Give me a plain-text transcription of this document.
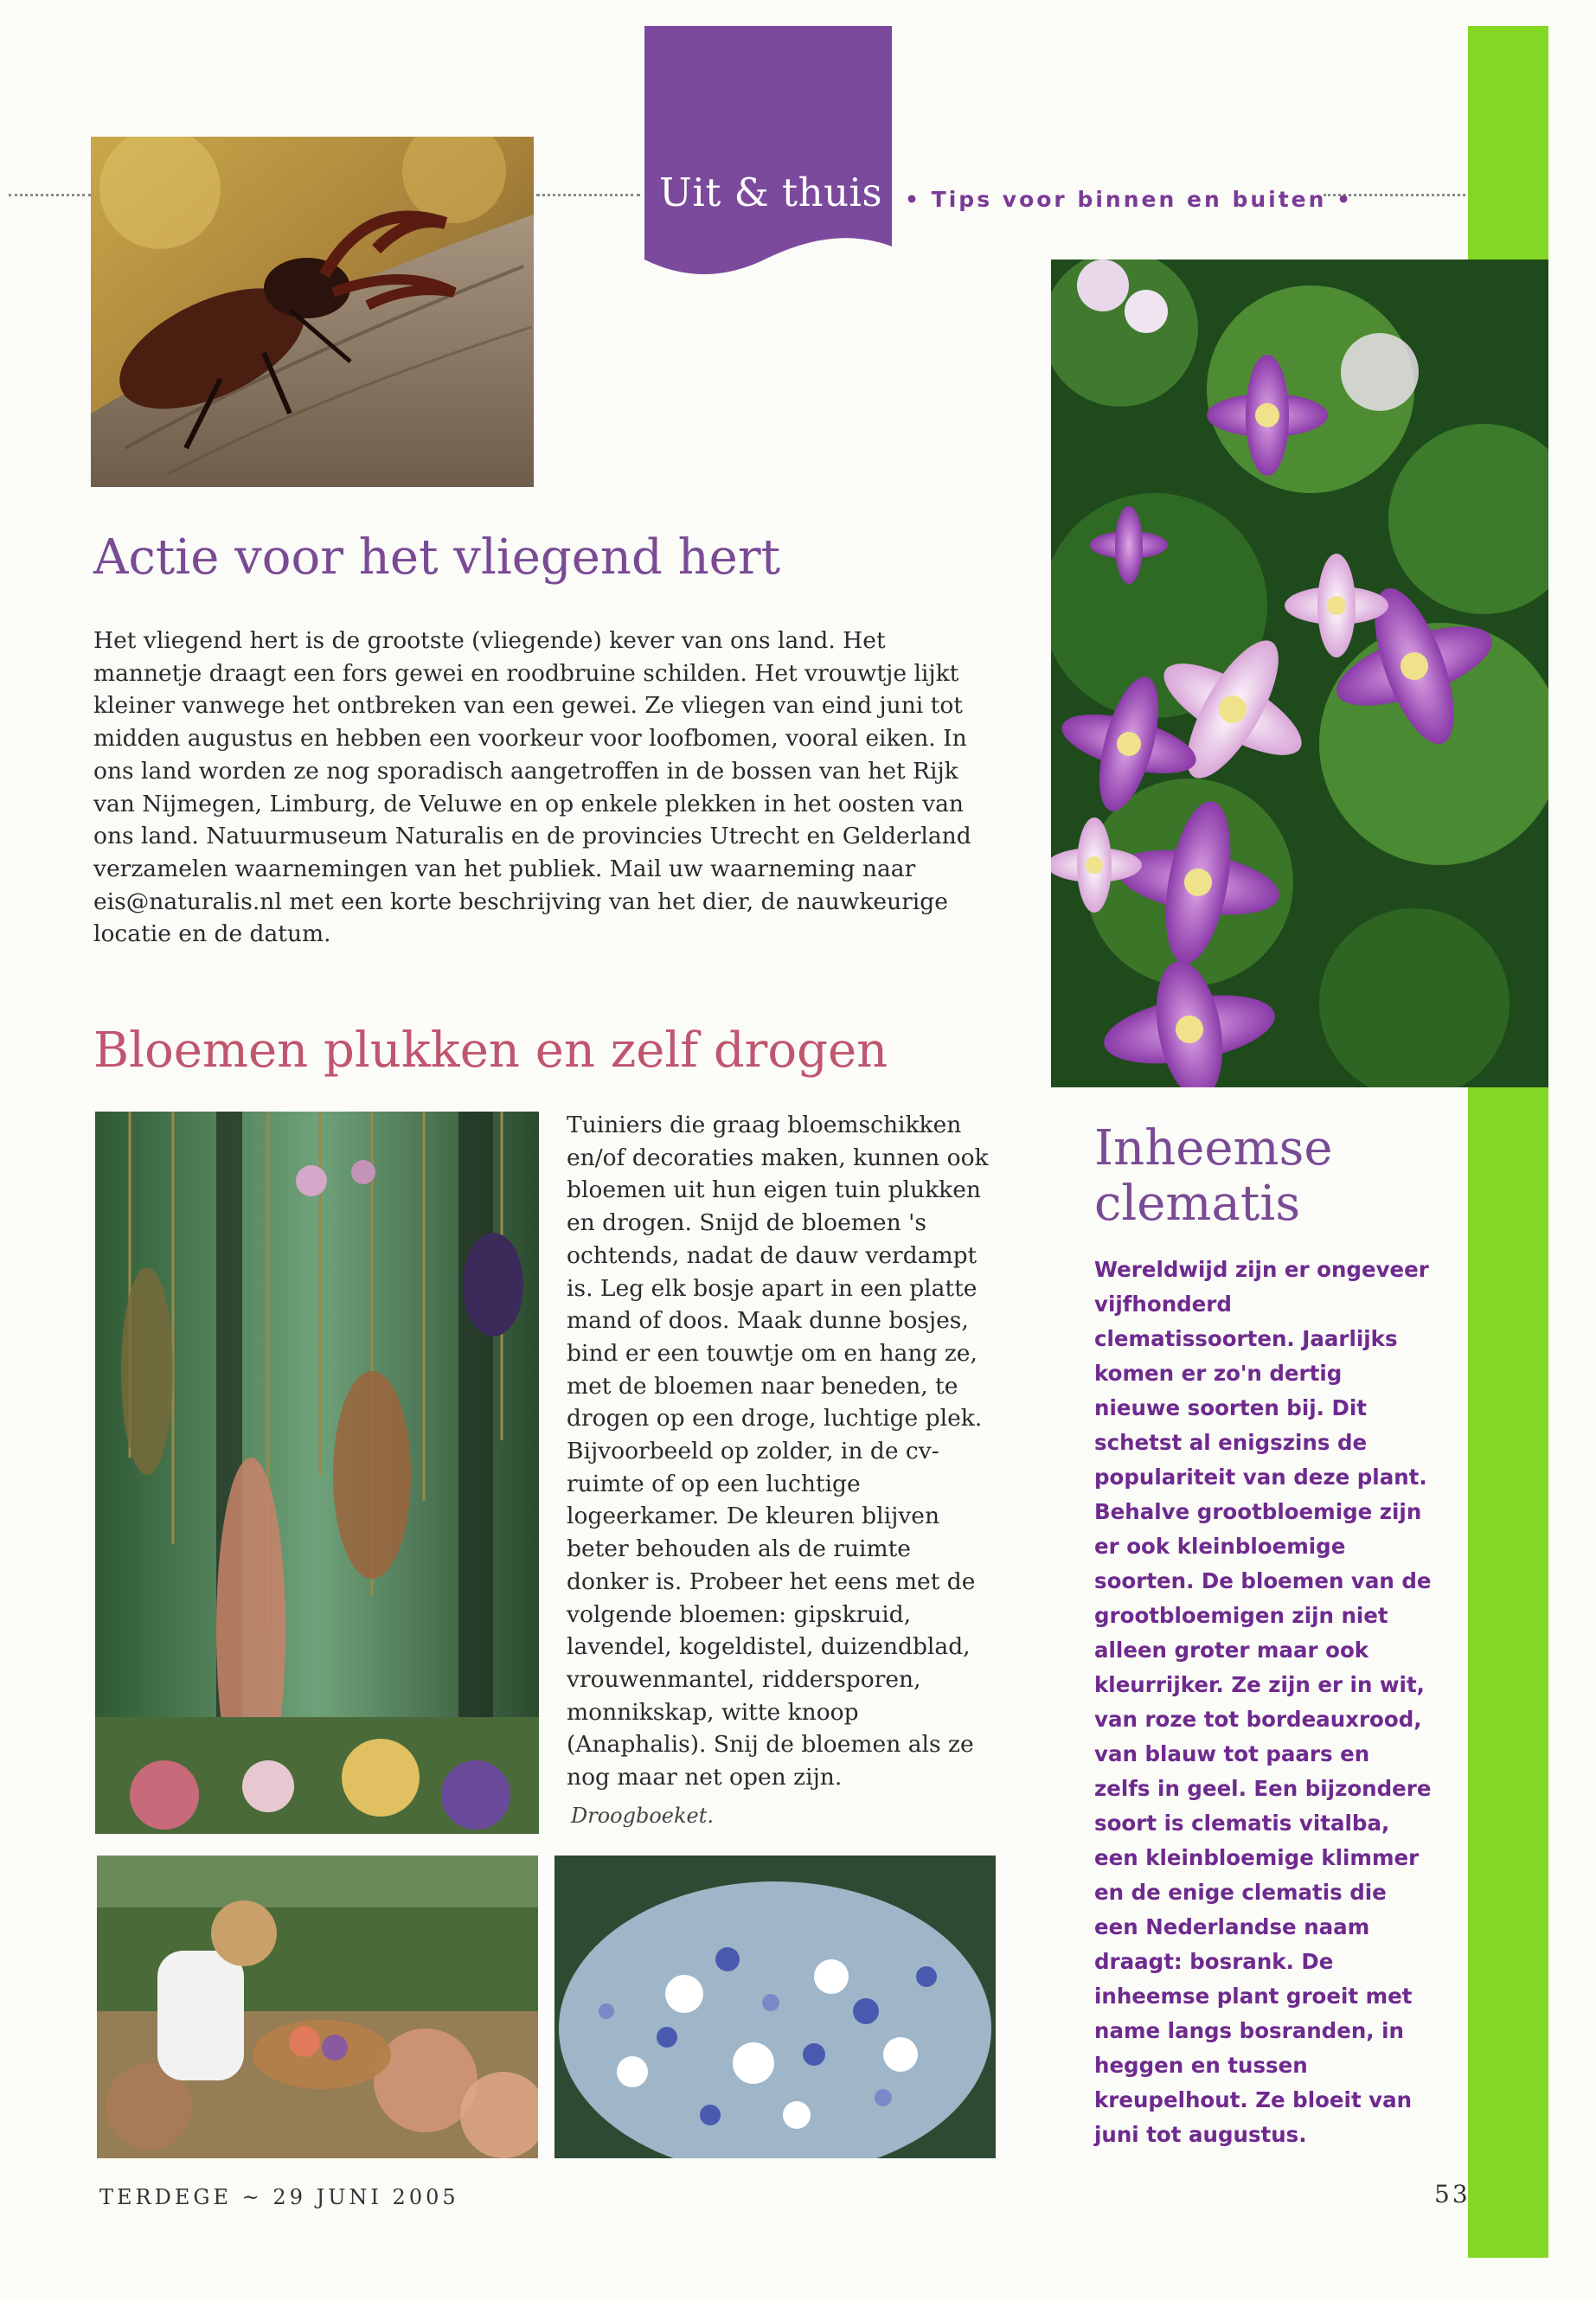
Uit & thuis • Tips voor binnen en buiten •
Actie voor het vliegend hert

Het vliegend hert is de grootste (vliegende) kever van ons land. Het mannetje draagt een fors gewei en roodbruine schilden. Het vrouwtje lijkt kleiner vanwege het ontbreken van een gewei. Ze vliegen van eind juni tot midden augustus en hebben een voorkeur voor loofbomen, vooral eiken. In ons land worden ze nog sporadisch aangetroffen in de bossen van het Rijk van Nijmegen, Limburg, de Veluwe en op enkele plekken in het oosten van ons land. Natuurmuseum Naturalis en de provincies Utrecht en Gelderland verzamelen waarnemingen van het publiek. Mail uw waarneming naar eis@naturalis.nl met een korte beschrijving van het dier, de nauwkeurige locatie en de datum.

Bloemen plukken en zelf drogen

Tuiniers die graag bloemschikken en/of decoraties maken, kunnen ook bloemen uit hun eigen tuin plukken en drogen. Snijd de bloemen 's ochtends, nadat de dauw verdampt is. Leg elk bosje apart in een platte mand of doos. Maak dunne bosjes, bind er een touwtje om en hang ze, met de bloemen naar beneden, te drogen op een droge, luchtige plek. Bijvoorbeeld op zolder, in de cv-ruimte of op een luchtige logeerkamer. De kleuren blijven beter behouden als de ruimte donker is. Probeer het eens met de volgende bloemen: gipskruid, lavendel, kogeldistel, duizendblad, vrouwenmantel, riddersporen, monnikskap, witte knoop (Anaphalis). Snij de bloemen als ze nog maar net open zijn.

Droogboeket.
Inheemse clematis

Wereldwijd zijn er ongeveer vijfhonderd clematissoorten. Jaarlijks komen er zo'n dertig nieuwe soorten bij. Dit schetst al enigszins de populariteit van deze plant. Behalve grootbloemige zijn er ook kleinbloemige soorten. De bloemen van de grootbloemigen zijn niet alleen groter maar ook kleurrijker. Ze zijn er in wit, van roze tot bordeauxrood, van blauw tot paars en zelfs in geel. Een bijzondere soort is clematis vitalba, een kleinbloemige klimmer en de enige clematis die een Nederlandse naam draagt: bosrank. De inheemse plant groeit met name langs bosranden, in heggen en tussen kreupelhout. Ze bloeit van juni tot augustus.

TERDEGE ~ 29 JUNI 2005	53
